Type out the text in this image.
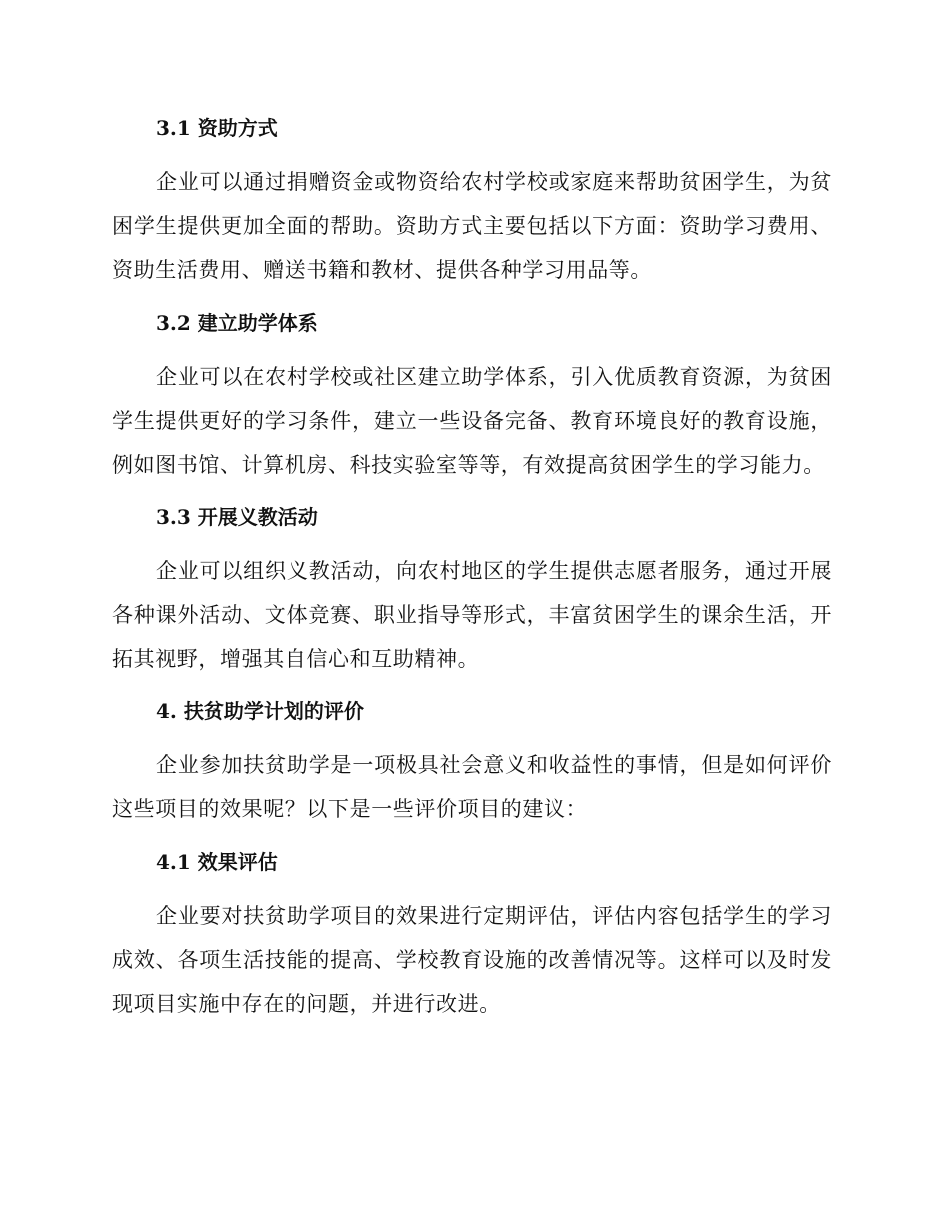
3.1 资助方式
企业可以通过捐赠资金或物资给农村学校或家庭来帮助贫困学生，为贫困学生提供更加全面的帮助。资助方式主要包括以下方面：资助学习费用、资助生活费用、赠送书籍和教材、提供各种学习用品等。
3.2 建立助学体系
企业可以在农村学校或社区建立助学体系，引入优质教育资源，为贫困学生提供更好的学习条件，建立一些设备完备、教育环境良好的教育设施，例如图书馆、计算机房、科技实验室等等，有效提高贫困学生的学习能力。
3.3 开展义教活动
企业可以组织义教活动，向农村地区的学生提供志愿者服务，通过开展各种课外活动、文体竞赛、职业指导等形式，丰富贫困学生的课余生活，开拓其视野，增强其自信心和互助精神。
4. 扶贫助学计划的评价
企业参加扶贫助学是一项极具社会意义和收益性的事情，但是如何评价这些项目的效果呢？以下是一些评价项目的建议：
4.1 效果评估
企业要对扶贫助学项目的效果进行定期评估，评估内容包括学生的学习成效、各项生活技能的提高、学校教育设施的改善情况等。这样可以及时发现项目实施中存在的问题，并进行改进。
